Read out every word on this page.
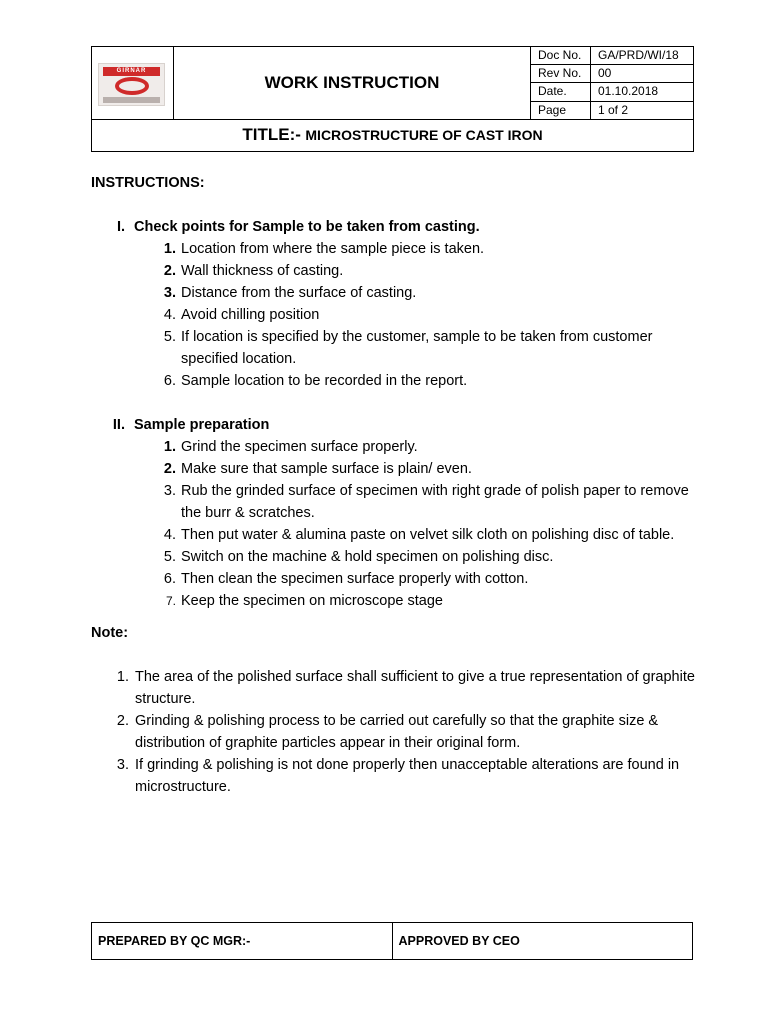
GIRNAR	WORK INSTRUCTION	Doc No.	GA/PRD/WI/18
		Rev No.	00
		Date.	01.10.2018
		Page	1 of 2
TITLE:- MICROSTRUCTURE OF CAST IRON			
INSTRUCTIONS:
I. Check points for Sample to be taken from casting.
1. Location from where the sample piece is taken.
2. Wall thickness of casting.
3. Distance from the surface of casting.
4. Avoid chilling position
5. If location is specified by the customer, sample to be taken from customer specified location.
6. Sample location to be recorded in the report.
II. Sample preparation
1. Grind the specimen surface properly.
2. Make sure that sample surface is plain/ even.
3. Rub the grinded surface of specimen with right grade of polish paper to remove the burr & scratches.
4. Then put water & alumina paste on velvet silk cloth on polishing disc of table.
5. Switch on the machine & hold specimen on polishing disc.
6. Then clean the specimen surface properly with cotton.
7. Keep the specimen on microscope stage
Note:
1. The area of the polished surface shall sufficient to give a true representation of graphite structure.
2. Grinding & polishing process to be carried out carefully so that the graphite size & distribution of graphite particles appear in their original form.
3. If grinding & polishing is not done properly then unacceptable alterations are found in microstructure.
PREPARED BY QC MGR:-	APPROVED BY CEO
